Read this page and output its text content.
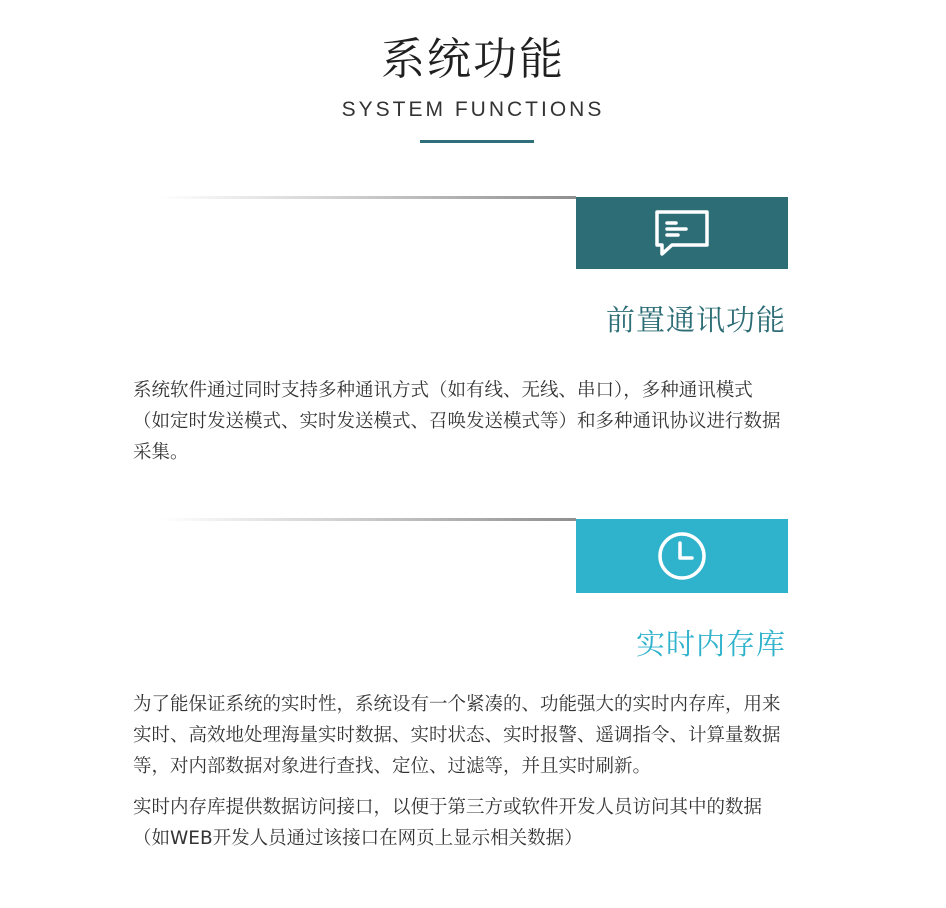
系统功能
SYSTEM FUNCTIONS
前置通讯功能

系统软件通过同时支持多种通讯方式（如有线、无线、串口），多种通讯模式（如定时发送模式、实时发送模式、召唤发送模式等）和多种通讯协议进行数据采集。

实时内存库

为了能保证系统的实时性，系统设有一个紧凑的、功能强大的实时内存库，用来实时、高效地处理海量实时数据、实时状态、实时报警、遥调指令、计算量数据等，对内部数据对象进行查找、定位、过滤等，并且实时刷新。

实时内存库提供数据访问接口，以便于第三方或软件开发人员访问其中的数据（如WEB开发人员通过该接口在网页上显示相关数据）
